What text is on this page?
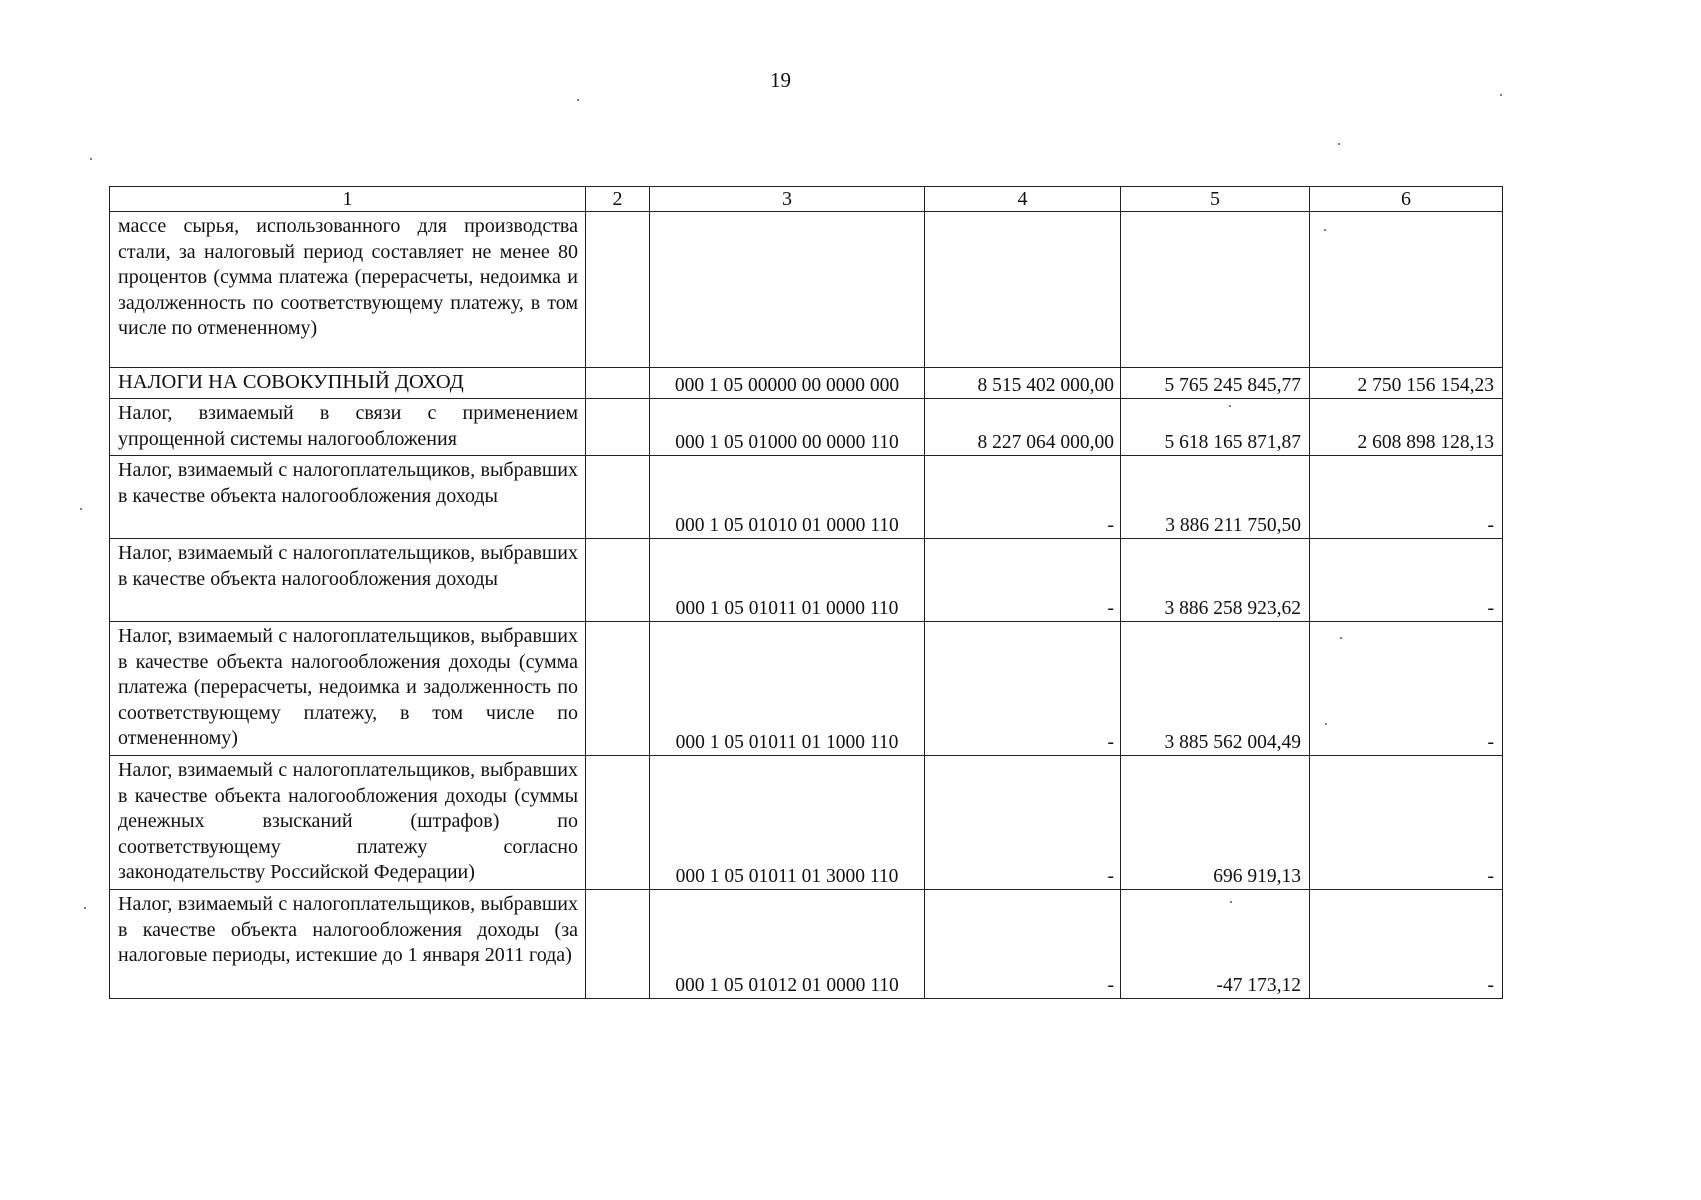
19
1	2	3	4	5	6
массе сырья, использованного для производства стали, за налоговый период составляет не менее 80 процентов (сумма платежа (перерасчеты, недоимка и задолженность по соответствующему платежу, в том числе по отмененному)					
НАЛОГИ НА СОВОКУПНЫЙ ДОХОД		000 1 05 00000 00 0000 000	8 515 402 000,00	5 765 245 845,77	2 750 156 154,23
Налог, взимаемый в связи с применением упрощенной системы налогообложения		000 1 05 01000 00 0000 110	8 227 064 000,00	5 618 165 871,87	2 608 898 128,13
Налог, взимаемый с налогоплательщиков, выбравших в качестве объекта налогообложения доходы		000 1 05 01010 01 0000 110	-	3 886 211 750,50	-
Налог, взимаемый с налогоплательщиков, выбравших в качестве объекта налогообложения доходы		000 1 05 01011 01 0000 110	-	3 886 258 923,62	-
Налог, взимаемый с налогоплательщиков, выбравших в качестве объекта налогообложения доходы (сумма платежа (перерасчеты, недоимка и задолженность по соответствующему платежу, в том числе по отмененному)		000 1 05 01011 01 1000 110	-	3 885 562 004,49	-
Налог, взимаемый с налогоплательщиков, выбравших в качестве объекта налогообложения доходы (суммы денежных взысканий (штрафов) по соответствующему платежу согласно законодательству Российской Федерации)		000 1 05 01011 01 3000 110	-	696 919,13	-
Налог, взимаемый с налогоплательщиков, выбравших в качестве объекта налогообложения доходы (за налоговые периоды, истекшие до 1 января 2011 года)		000 1 05 01012 01 0000 110	-	-47 173,12	-
